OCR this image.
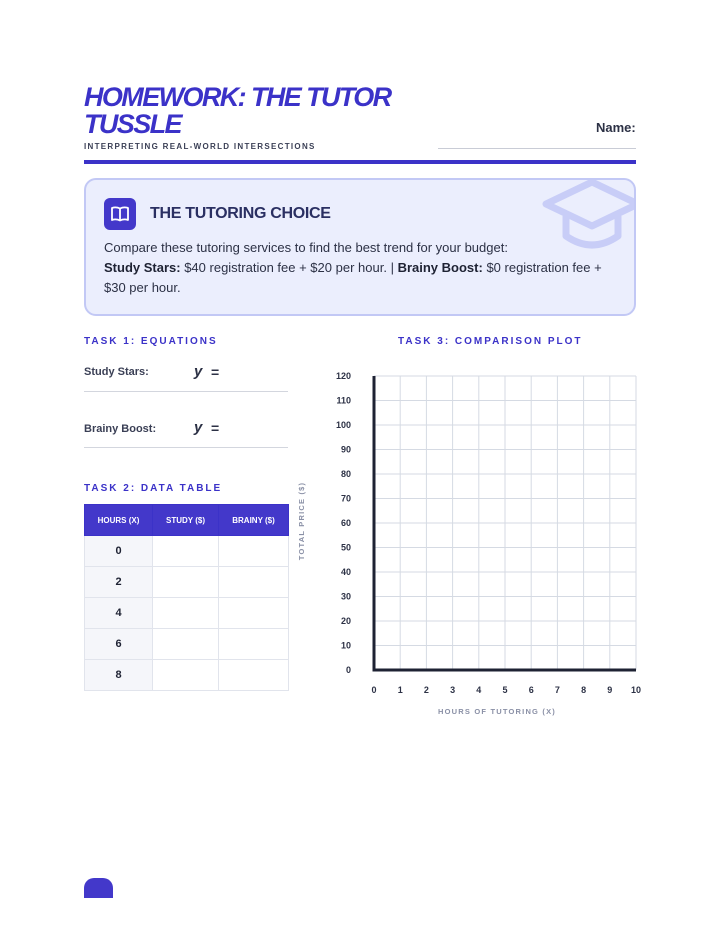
HOMEWORK: THE TUTOR TUSSLE
INTERPRETING REAL-WORLD INTERSECTIONS
Name:
THE TUTORING CHOICE
Compare these tutoring services to find the best trend for your budget:
Study Stars: $40 registration fee + $20 per hour. | Brainy Boost: $0 registration fee + $30 per hour.
TASK 1: EQUATIONS
Study Stars:	y =
Brainy Boost:	y =
TASK 2: DATA TABLE
HOURS (X)	STUDY ($)	BRAINY ($)
0		
2		
4		
6		
8		
TASK 3: COMPARISON PLOT
0
10
20
30
40
50
60
70
80
90
100
110
120
0 1 2 3 4 5 6 7 8 9 10
HOURS OF TUTORING (X)
TOTAL PRICE ($)
